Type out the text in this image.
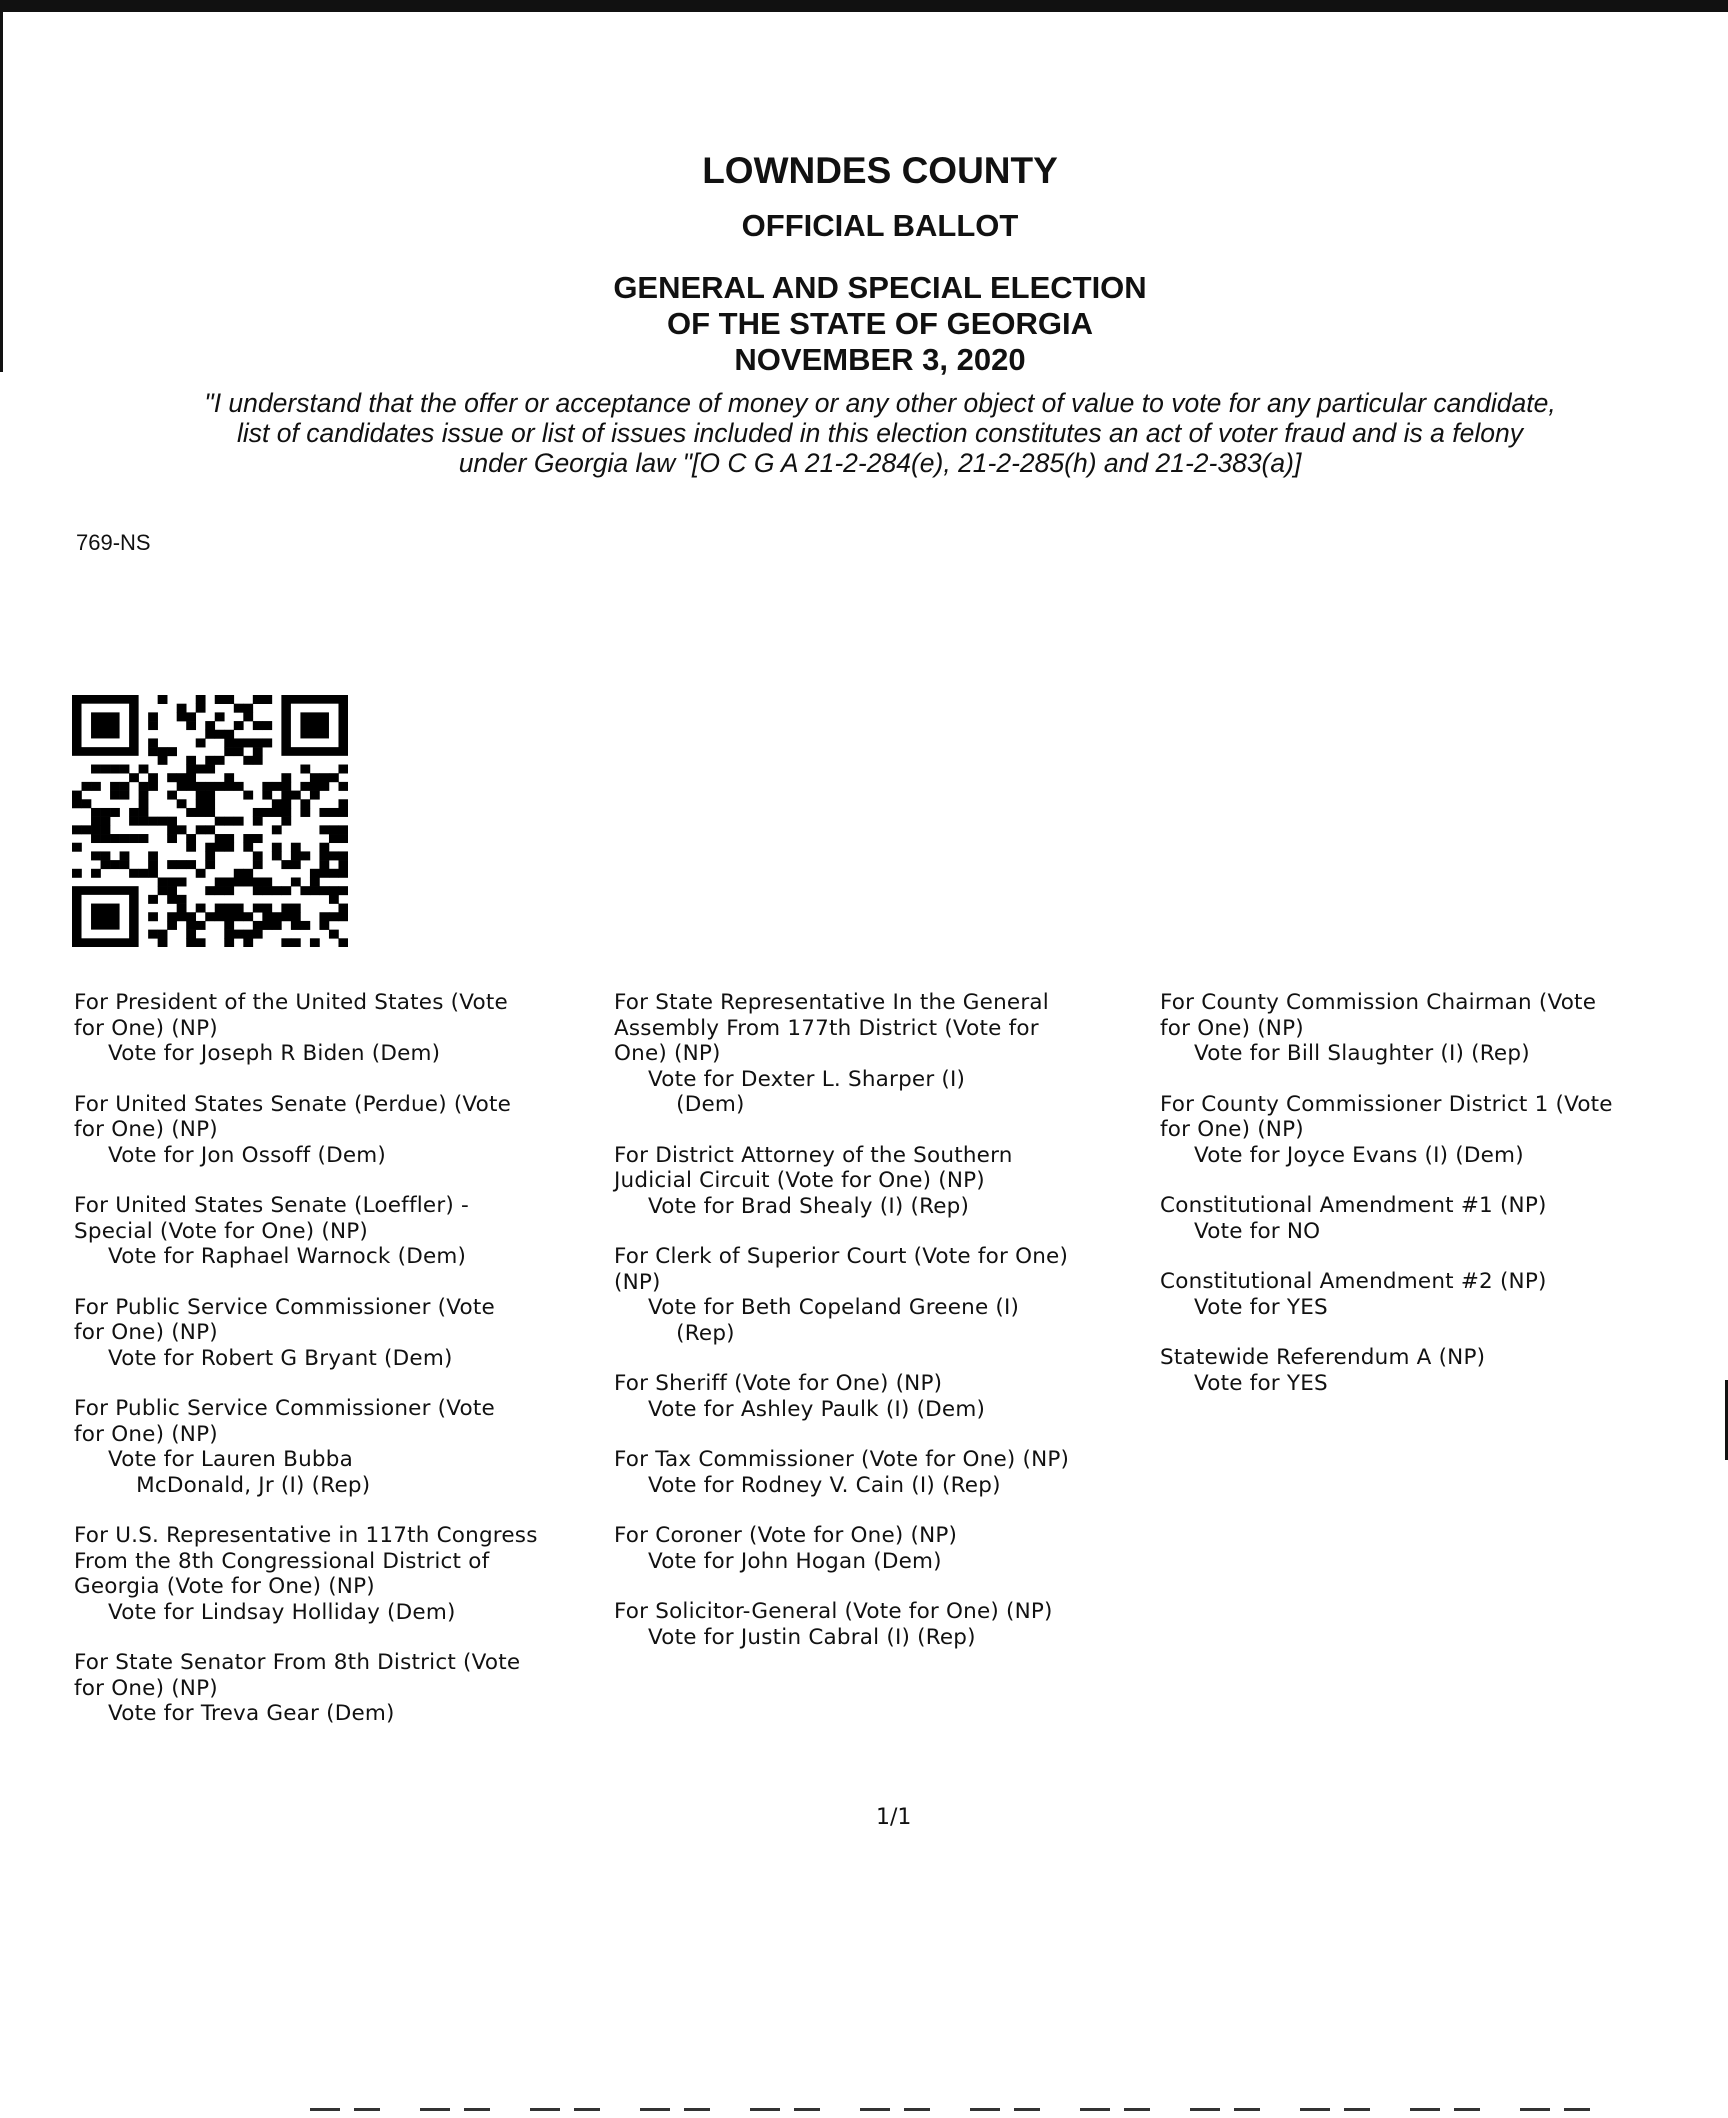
LOWNDES COUNTY
OFFICIAL BALLOT
GENERAL AND SPECIAL ELECTION
OF THE STATE OF GEORGIA
NOVEMBER 3, 2020
"I understand that the offer or acceptance of money or any other object of value to vote for any particular candidate,
list of candidates issue or list of issues included in this election constitutes an act of voter fraud and is a felony
under Georgia law "[O C G A 21-2-284(e), 21-2-285(h) and 21-2-383(a)]
769-NS
For President of the United States (Vote
for One) (NP)
Vote for Joseph R Biden (Dem)
For United States Senate (Perdue) (Vote
for One) (NP)
Vote for Jon Ossoff (Dem)
For United States Senate (Loeffler) -
Special (Vote for One) (NP)
Vote for Raphael Warnock (Dem)
For Public Service Commissioner (Vote
for One) (NP)
Vote for Robert G Bryant (Dem)
For Public Service Commissioner (Vote
for One) (NP)
Vote for Lauren Bubba
McDonald, Jr (I) (Rep)
For U.S. Representative in 117th Congress
From the 8th Congressional District of
Georgia (Vote for One) (NP)
Vote for Lindsay Holliday (Dem)
For State Senator From 8th District (Vote
for One) (NP)
Vote for Treva Gear (Dem)
For State Representative In the General
Assembly From 177th District (Vote for
One) (NP)
Vote for Dexter L. Sharper (I)
(Dem)
For District Attorney of the Southern
Judicial Circuit (Vote for One) (NP)
Vote for Brad Shealy (I) (Rep)
For Clerk of Superior Court (Vote for One)
(NP)
Vote for Beth Copeland Greene (I)
(Rep)
For Sheriff (Vote for One) (NP)
Vote for Ashley Paulk (I) (Dem)
For Tax Commissioner (Vote for One) (NP)
Vote for Rodney V. Cain (I) (Rep)
For Coroner (Vote for One) (NP)
Vote for John Hogan (Dem)
For Solicitor-General (Vote for One) (NP)
Vote for Justin Cabral (I) (Rep)
For County Commission Chairman (Vote
for One) (NP)
Vote for Bill Slaughter (I) (Rep)
For County Commissioner District 1 (Vote
for One) (NP)
Vote for Joyce Evans (I) (Dem)
Constitutional Amendment #1 (NP)
Vote for NO
Constitutional Amendment #2 (NP)
Vote for YES
Statewide Referendum A (NP)
Vote for YES
1/1
